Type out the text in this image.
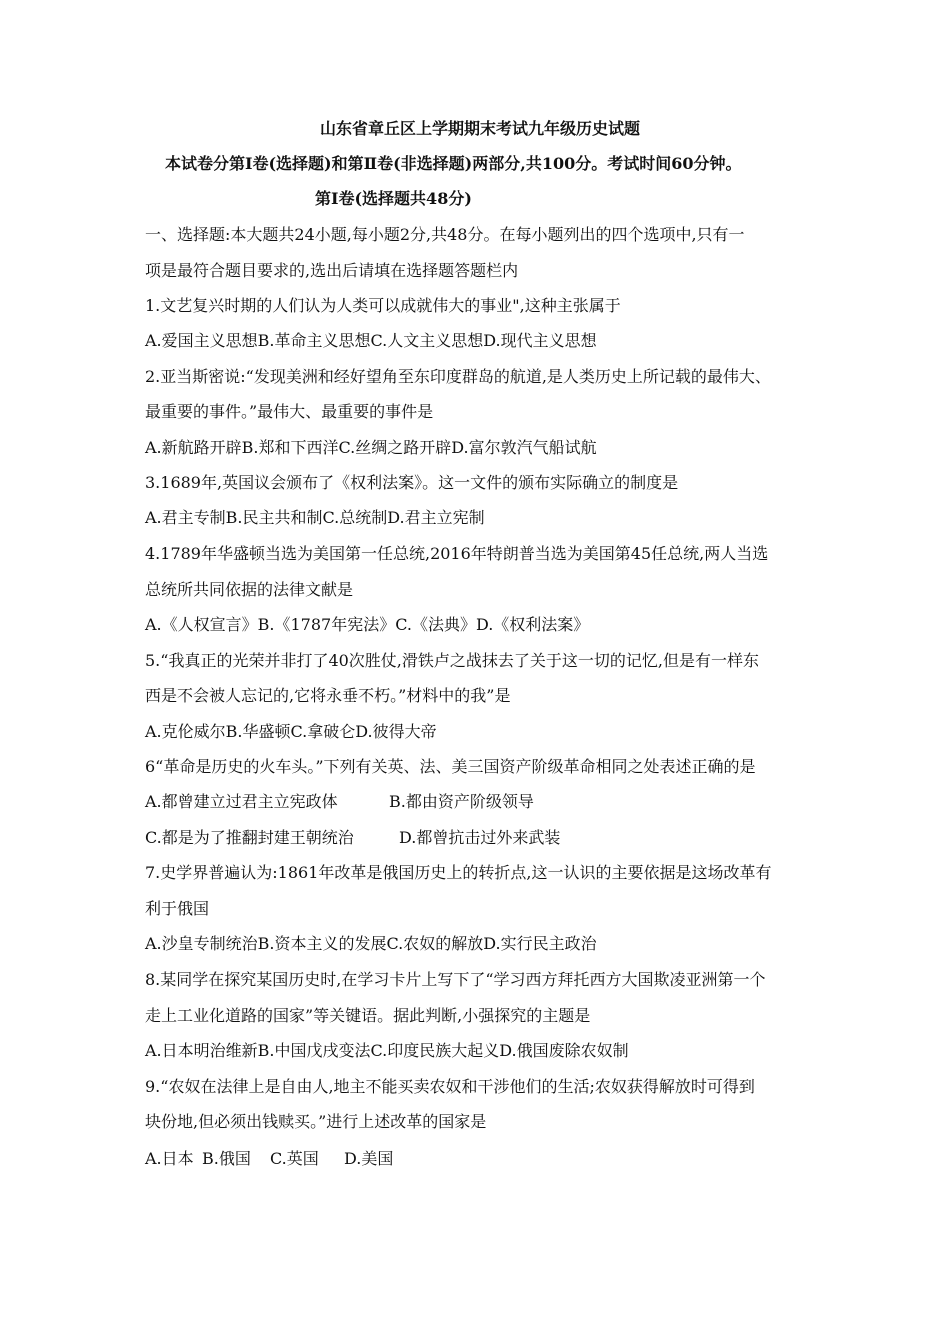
山东省章丘区上学期期末考试九年级历史试题
本试卷分第Ⅰ卷(选择题)和第Ⅱ卷(非选择题)两部分,共100分。考试时间60分钟。
第Ⅰ卷(选择题共48分)
一、选择题:本大题共24小题,每小题2分,共48分。在每小题列出的四个选项中,只有一
项是最符合题目要求的,选出后请填在选择题答题栏内
1.文艺复兴时期的人们认为人类可以成就伟大的事业",这种主张属于
A.爱国主义思想B.革命主义思想C.人文主义思想D.现代主义思想
2.亚当斯密说:“发现美洲和经好望角至东印度群岛的航道,是人类历史上所记载的最伟大、
最重要的事件。”最伟大、最重要的事件是
A.新航路开辟B.郑和下西洋C.丝绸之路开辟D.富尔敦汽气船试航
3.1689年,英国议会颁布了《权利法案》。这一文件的颁布实际确立的制度是
A.君主专制B.民主共和制C.总统制D.君主立宪制
4.1789年华盛顿当选为美国第一任总统,2016年特朗普当选为美国第45任总统,两人当选
总统所共同依据的法律文献是
A.《人权宣言》B.《1787年宪法》C.《法典》D.《权利法案》
5.“我真正的光荣并非打了40次胜仗,滑铁卢之战抹去了关于这一切的记忆,但是有一样东
西是不会被人忘记的,它将永垂不朽。”材料中的我”是
A.克伦威尔B.华盛顿C.拿破仑D.彼得大帝
6“革命是历史的火车头。”下列有关英、法、美三国资产阶级革命相同之处表述正确的是
A.都曾建立过君主立宪政体	B.都由资产阶级领导
C.都是为了推翻封建王朝统治	D.都曾抗击过外来武装
7.史学界普遍认为:1861年改革是俄国历史上的转折点,这一认识的主要依据是这场改革有
利于俄国
A.沙皇专制统治B.资本主义的发展C.农奴的解放D.实行民主政治
8.某同学在探究某国历史时,在学习卡片上写下了“学习西方拜托西方大国欺凌亚洲第一个
走上工业化道路的国家”等关键语。据此判断,小强探究的主题是
A.日本明治维新B.中国戊戌变法C.印度民族大起义D.俄国废除农奴制
9.“农奴在法律上是自由人,地主不能买卖农奴和干涉他们的生活;农奴获得解放时可得到
块份地,但必须出钱赎买。”进行上述改革的国家是
A.日本 B.俄国 C.英国 D.美国
